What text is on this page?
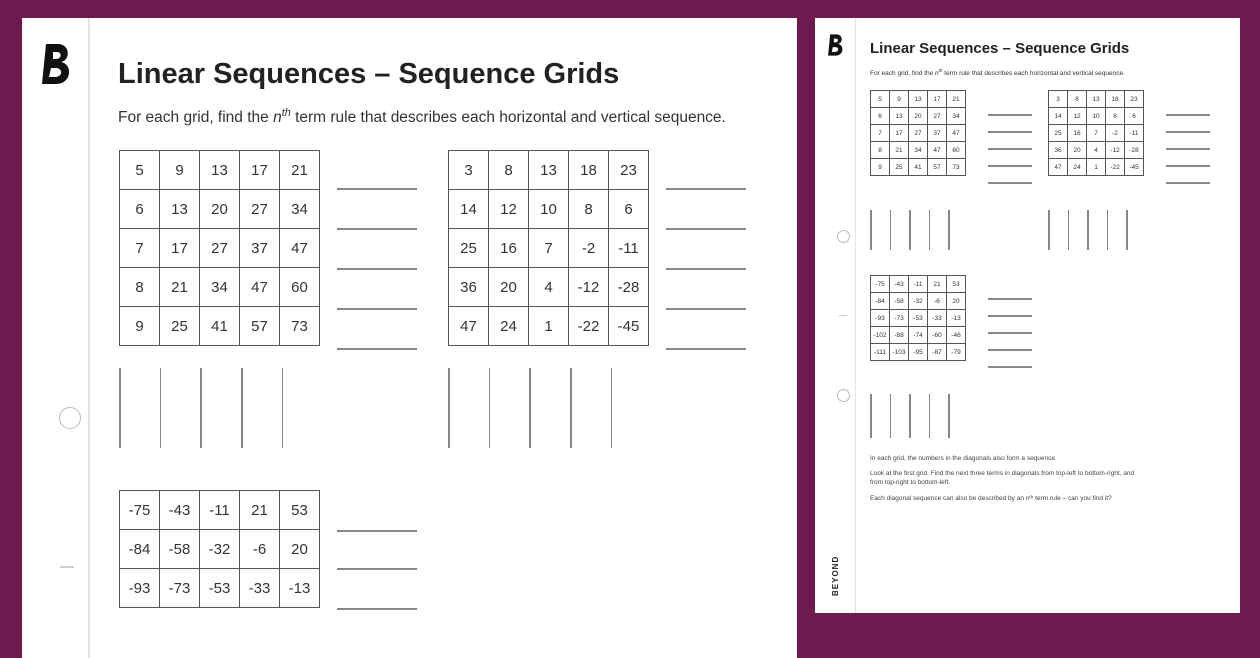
Linear Sequences – Sequence Grids
For each grid, find the $n^{th}$ term rule that describes each horizontal and vertical sequence.
5	9	13	17	21
6	13	20	27	34
7	17	27	37	47
8	21	34	47	60
9	25	41	57	73
3	8	13	18	23
14	12	10	8	6
25	16	7	-2	-11
36	20	4	-12	-28
47	24	1	-22	-45
-75	-43	-11	21	53
-84	-58	-32	-6	20
-93	-73	-53	-33	-13
Linear Sequences – Sequence Grids
For each grid, find the $n^{th}$ term rule that describes each horizontal and vertical sequence.
5	9	13	17	21
6	13	20	27	34
7	17	27	37	47
8	21	34	47	60
9	25	41	57	73
3	8	13	18	23
14	12	10	8	6
25	16	7	-2	-11
36	20	4	-12	-28
47	24	1	-22	-45
-75	-43	-11	21	53
-84	-58	-32	-6	20
-93	-73	-53	-33	-13
-102	-88	-74	-60	-46
-111	-103	-95	-87	-79
In each grid, the numbers in the diagonals also form a sequence.
Look at the first grid. Find the next three terms in diagonals from top-left to bottom-right, and
from top-right to bottom-left.
Each diagonal sequence can also be described by an nᵗʰ term rule – can you find it?
BEYOND
